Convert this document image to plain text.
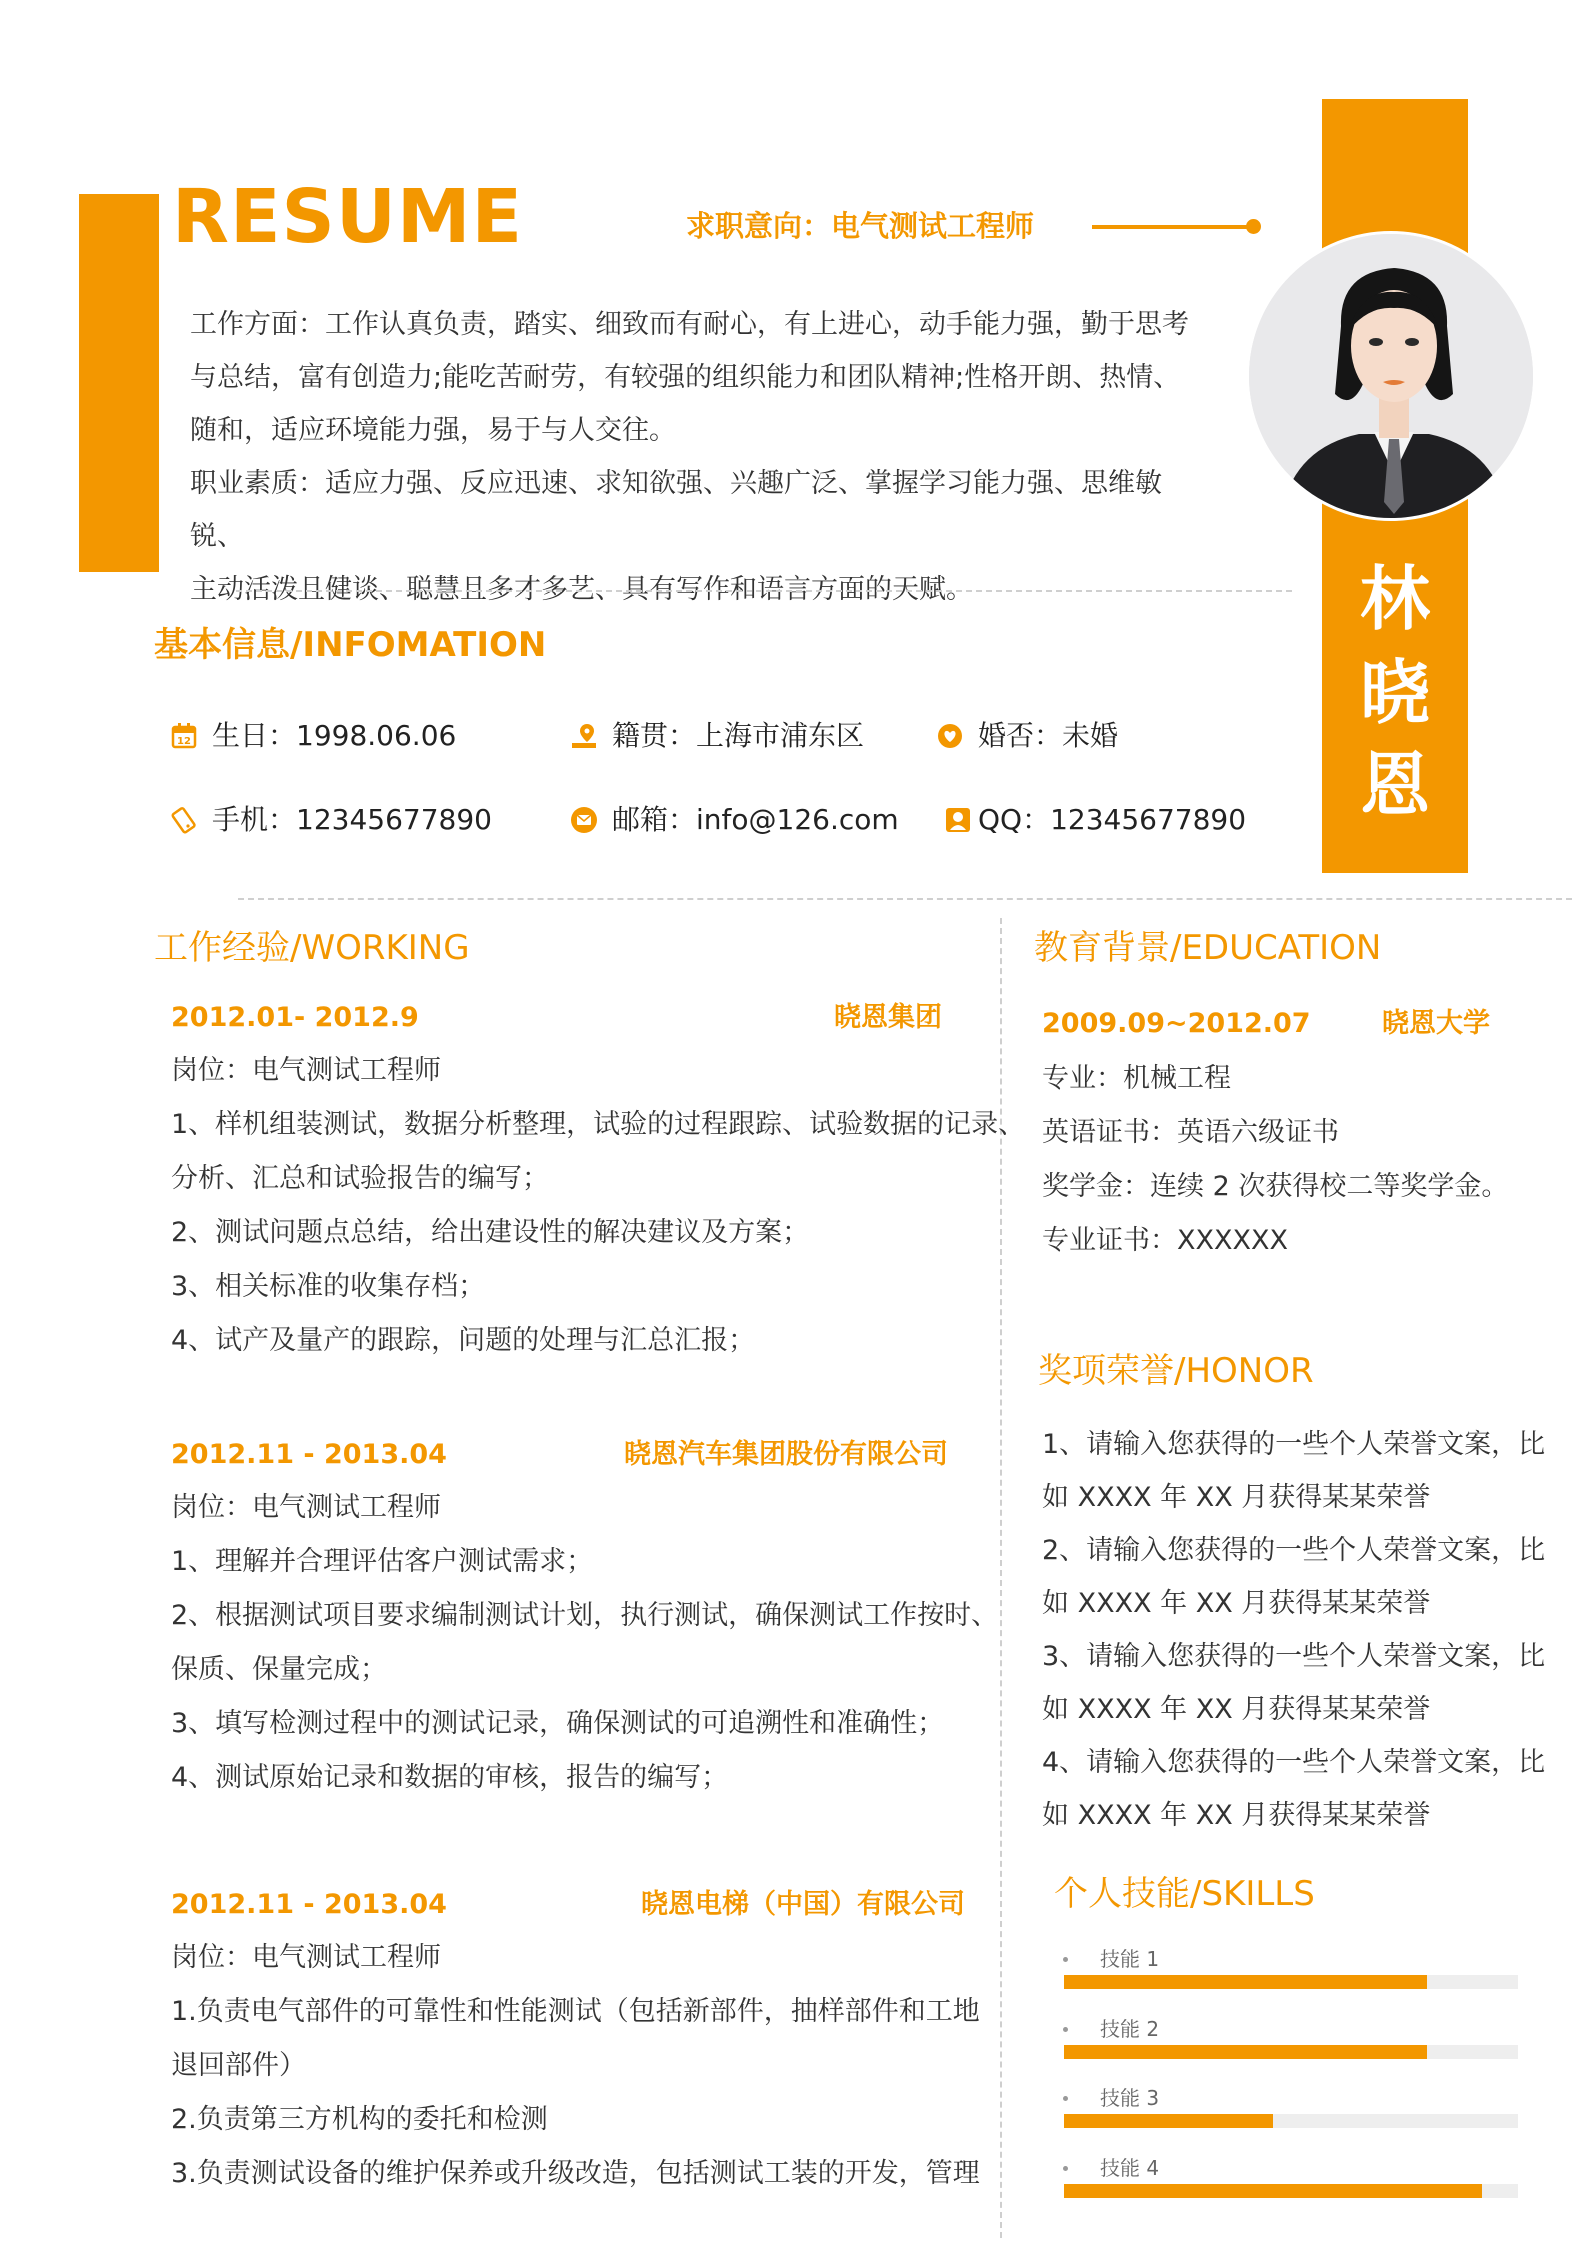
RESUME	求职意向：电气测试工程师
工作方面：工作认真负责，踏实、细致而有耐心，有上进心，动手能力强，勤于思考
与总结，富有创造力;能吃苦耐劳，有较强的组织能力和团队精神;性格开朗、热情、
随和，适应环境能力强，易于与人交往。
职业素质：适应力强、反应迅速、求知欲强、兴趣广泛、掌握学习能力强、思维敏锐、
主动活泼且健谈、聪慧且多才多艺、具有写作和语言方面的天赋。	林
晓
恩
基本信息/INFOMATION
12 生日：1998.06.06	籍贯：上海市浦东区	婚否：未婚
手机：12345677890	邮箱：info@126.com	QQ：12345677890
工作经验/WORKING
2012.01- 2012.9	晓恩集团
岗位：电气测试工程师
1、样机组装测试，数据分析整理，试验的过程跟踪、试验数据的记录、
分析、汇总和试验报告的编写；
2、测试问题点总结，给出建设性的解决建议及方案；
3、相关标准的收集存档；
4、试产及量产的跟踪，问题的处理与汇总汇报；
2012.11 - 2013.04	晓恩汽车集团股份有限公司
岗位：电气测试工程师
1、理解并合理评估客户测试需求；
2、根据测试项目要求编制测试计划，执行测试，确保测试工作按时、
保质、保量完成；
3、填写检测过程中的测试记录，确保测试的可追溯性和准确性；
4、测试原始记录和数据的审核，报告的编写；
2012.11 - 2013.04	晓恩电梯（中国）有限公司
岗位：电气测试工程师
1.负责电气部件的可靠性和性能测试（包括新部件，抽样部件和工地
退回部件）
2.负责第三方机构的委托和检测
3.负责测试设备的维护保养或升级改造，包括测试工装的开发，管理
教育背景/EDUCATION
2009.09~2012.07	晓恩大学
专业：机械工程
英语证书：英语六级证书
奖学金：连续 2 次获得校二等奖学金。
专业证书：XXXXXX
奖项荣誉/HONOR
1、请输入您获得的一些个人荣誉文案，比
如 XXXX 年 XX 月获得某某荣誉
2、请输入您获得的一些个人荣誉文案，比
如 XXXX 年 XX 月获得某某荣誉
3、请输入您获得的一些个人荣誉文案，比
如 XXXX 年 XX 月获得某某荣誉
4、请输入您获得的一些个人荣誉文案，比
如 XXXX 年 XX 月获得某某荣誉
个人技能/SKILLS
技能 1
技能 2
技能 3
技能 4
